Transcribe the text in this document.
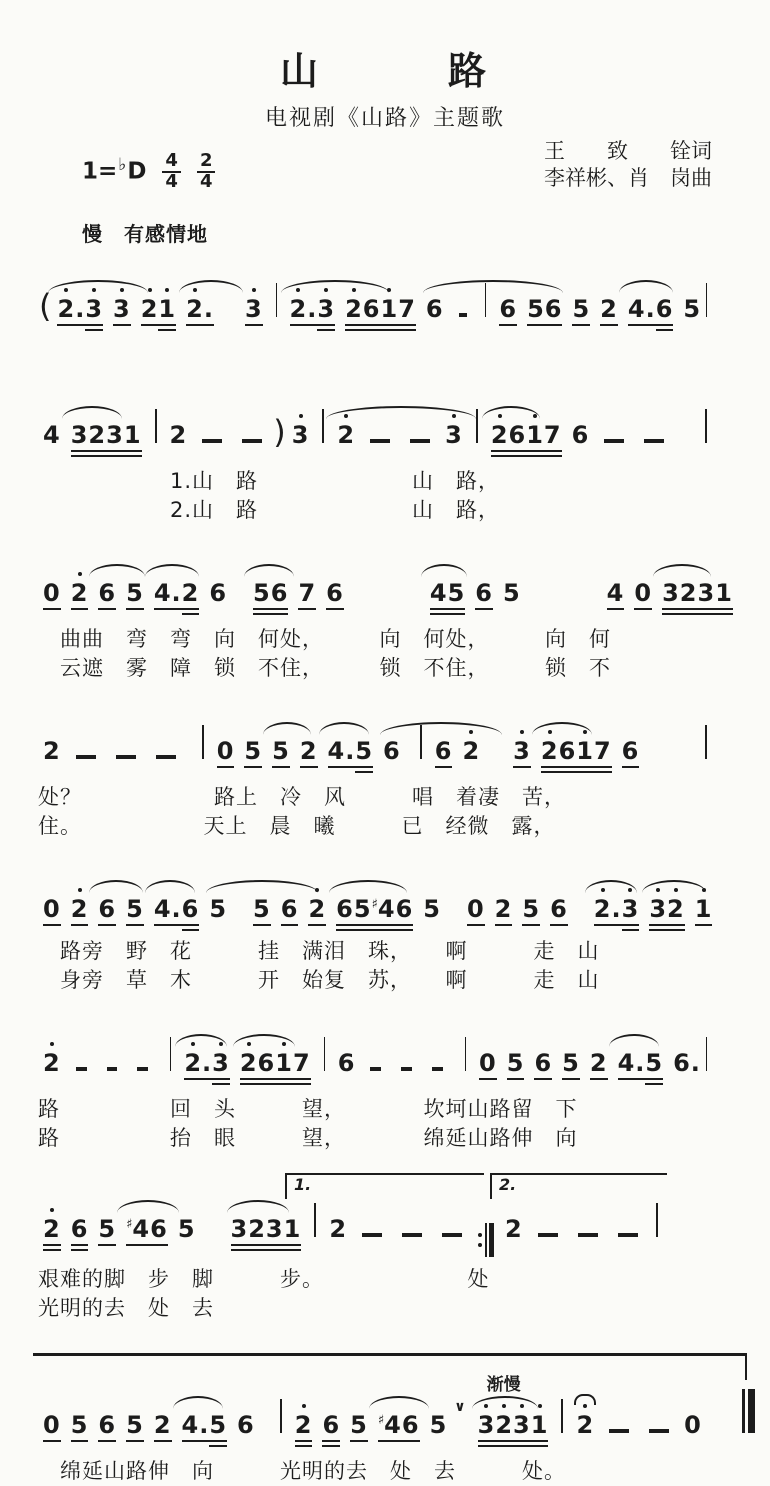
山　　　路
电视剧《山路》主题歌
$1=^♭D \frac{4}{4} \frac{2}{4}$
王　　致　　铨词
李祥彬、肖　岗曲
慢　有感情地
( 2
.3 3 2
1 2
. 3 2
.3 2
61
7 6 6 56 5 2 4.6 5
4 3231 2	) 3 2	3 2
61
7 6
　　　　　　1.山　路　　　　　　　山　路，
　　　　　　2.山　路　　　　　　　山　路，
0 2 6 5 4.2 6 56 7 6	45 6 5	4 0 3231
　曲曲　弯　弯　向　何处，　　　向　何处，　　　向　何
　云遮　雾　障　锁　不住，　　　锁　不住，　　　锁　不
2	0 5 5 2 4.5 6 6 2 3 2
61
7 6
处？　　　　　　路上　冷　风　　　唱　着凄　苦，
住。　　　　　　天上　晨　曦　　　已　经微　露，
0 2 6 5 4.6 5 5 6 2 65♯46 5 0 2 5 6 2
.3 3
2 1
　路旁　野　花　　　挂　满泪　珠，　　啊　　　走　山
　身旁　草　木　　　开　始复　苏，　　啊　　　走　山
2	2
.3 2
61
7 6	0 5 6 5 2 4.5 6.
路　　　　　回　头　　　望，　　　　坎坷山路留　下
路　　　　　抬　眼　　　望，　　　　绵延山路伸　向
1.	2.
2 6 5 ♯46 5 3231 2	2
艰难的脚　步　脚　　　步。　　　　　　　处
光明的去　处　去
0 5 6 5 2 4.5 6 2 6 5 ♯46 5
∨
渐慢
3
2
3
1 2	0
　绵延山路伸　向　　　光明的去　处　去　　　处。
